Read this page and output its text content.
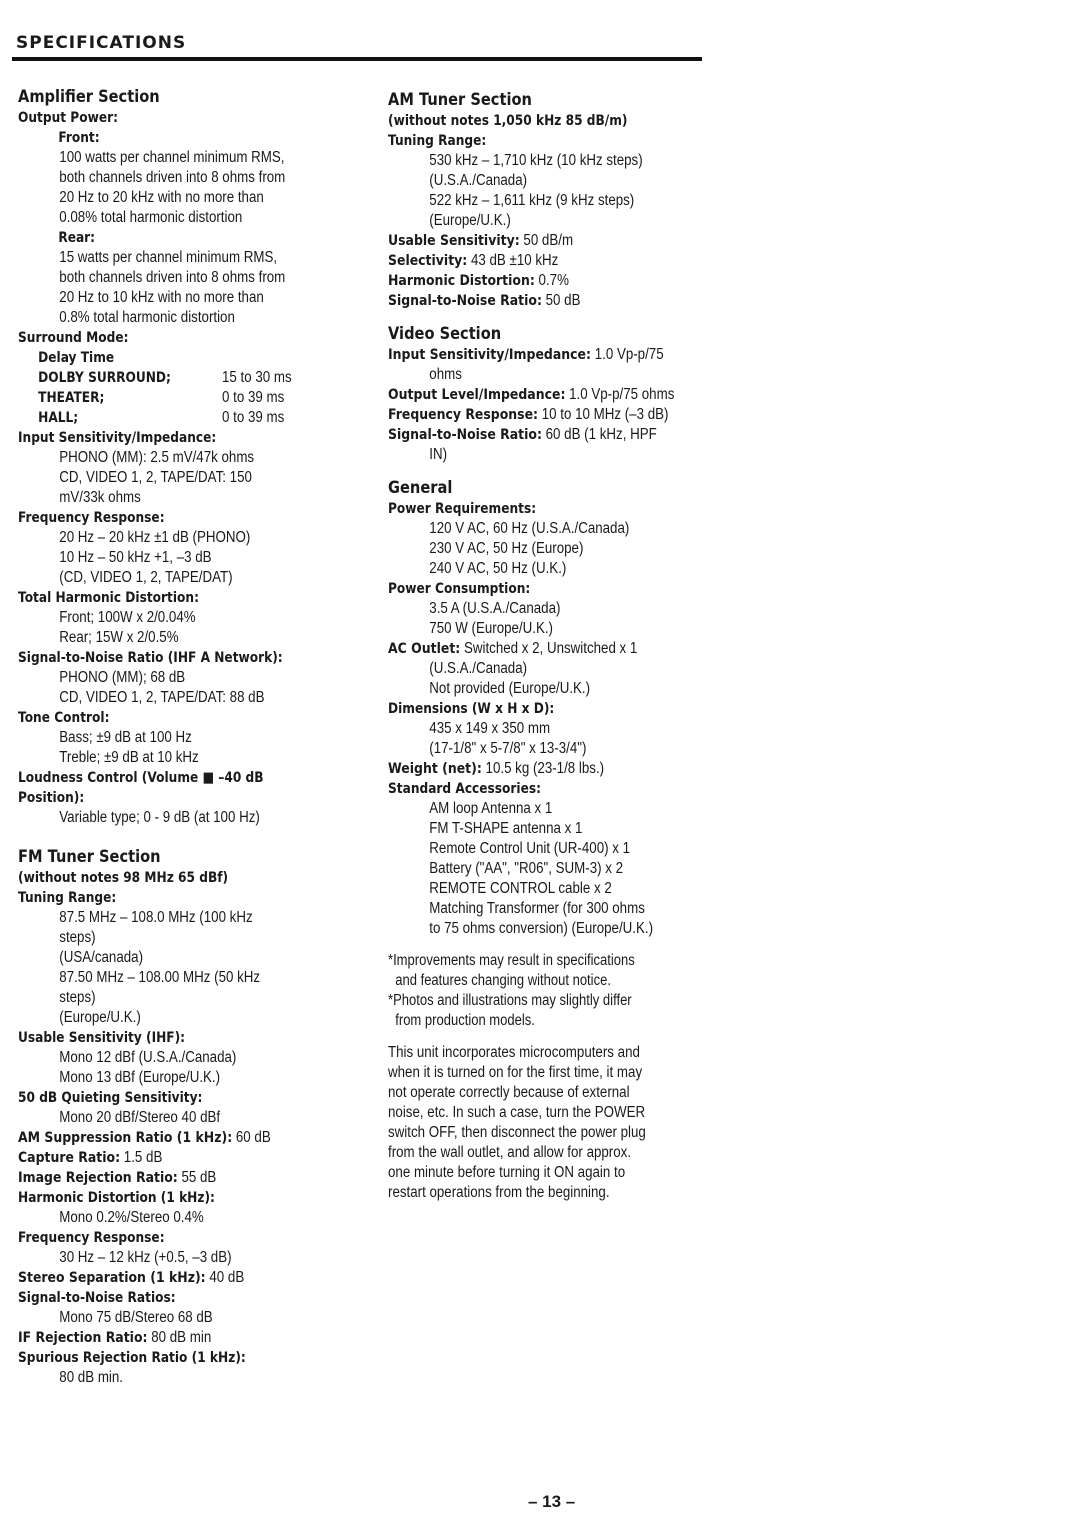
SPECIFICATIONS
Amplifier Section
Output Power:
Front:
100 watts per channel minimum RMS,
both channels driven into 8 ohms from
20 Hz to 20 kHz with no more than
0.08% total harmonic distortion
Rear:
15 watts per channel minimum RMS,
both channels driven into 8 ohms from
20 Hz to 10 kHz with no more than
0.8% total harmonic distortion
Surround Mode:
Delay Time
DOLBY SURROUND;	15 to 30 ms
THEATER;	0 to 39 ms
HALL;	0 to 39 ms
Input Sensitivity/Impedance:
PHONO (MM): 2.5 mV/47k ohms
CD, VIDEO 1, 2, TAPE/DAT: 150
mV/33k ohms
Frequency Response:
20 Hz – 20 kHz ±1 dB (PHONO)
10 Hz – 50 kHz +1, –3 dB
(CD, VIDEO 1, 2, TAPE/DAT)
Total Harmonic Distortion:
Front; 100W x 2/0.04%
Rear; 15W x 2/0.5%
Signal-to-Noise Ratio (IHF A Network):
PHONO (MM); 68 dB
CD, VIDEO 1, 2, TAPE/DAT: 88 dB
Tone Control:
Bass; ±9 dB at 100 Hz
Treble; ±9 dB at 10 kHz
Loudness Control (Volume ■ –40 dB
Position):
Variable type; 0 - 9 dB (at 100 Hz)
FM Tuner Section
(without notes 98 MHz 65 dBf)
Tuning Range:
87.5 MHz – 108.0 MHz (100 kHz
steps)
(USA/canada)
87.50 MHz – 108.00 MHz (50 kHz
steps)
(Europe/U.K.)
Usable Sensitivity (IHF):
Mono 12 dBf (U.S.A./Canada)
Mono 13 dBf (Europe/U.K.)
50 dB Quieting Sensitivity:
Mono 20 dBf/Stereo 40 dBf
AM Suppression Ratio (1 kHz): 60 dB
Capture Ratio: 1.5 dB
Image Rejection Ratio: 55 dB
Harmonic Distortion (1 kHz):
Mono 0.2%/Stereo 0.4%
Frequency Response:
30 Hz – 12 kHz (+0.5, –3 dB)
Stereo Separation (1 kHz): 40 dB
Signal-to-Noise Ratios:
Mono 75 dB/Stereo 68 dB
IF Rejection Ratio: 80 dB min
Spurious Rejection Ratio (1 kHz):
80 dB min.
AM Tuner Section
(without notes 1,050 kHz 85 dB/m)
Tuning Range:
530 kHz – 1,710 kHz (10 kHz steps)
(U.S.A./Canada)
522 kHz – 1,611 kHz (9 kHz steps)
(Europe/U.K.)
Usable Sensitivity: 50 dB/m
Selectivity: 43 dB ±10 kHz
Harmonic Distortion: 0.7%
Signal-to-Noise Ratio: 50 dB
Video Section
Input Sensitivity/Impedance: 1.0 Vp-p/75
ohms
Output Level/Impedance: 1.0 Vp-p/75 ohms
Frequency Response: 10 to 10 MHz (–3 dB)
Signal-to-Noise Ratio: 60 dB (1 kHz, HPF
IN)
General
Power Requirements:
120 V AC, 60 Hz (U.S.A./Canada)
230 V AC, 50 Hz (Europe)
240 V AC, 50 Hz (U.K.)
Power Consumption:
3.5 A (U.S.A./Canada)
750 W (Europe/U.K.)
AC Outlet: Switched x 2, Unswitched x 1
(U.S.A./Canada)
Not provided (Europe/U.K.)
Dimensions (W x H x D):
435 x 149 x 350 mm
(17-1/8" x 5-7/8" x 13-3/4")
Weight (net): 10.5 kg (23-1/8 lbs.)
Standard Accessories:
AM loop Antenna x 1
FM T-SHAPE antenna x 1
Remote Control Unit (UR-400) x 1
Battery ("AA", "R06", SUM-3) x 2
REMOTE CONTROL cable x 2
Matching Transformer (for 300 ohms
to 75 ohms conversion) (Europe/U.K.)
*Improvements may result in specifications
and features changing without notice.
*Photos and illustrations may slightly differ
from production models.
This unit incorporates microcomputers and
when it is turned on for the first time, it may
not operate correctly because of external
noise, etc. In such a case, turn the POWER
switch OFF, then disconnect the power plug
from the wall outlet, and allow for approx.
one minute before turning it ON again to
restart operations from the beginning.
– 13 –
